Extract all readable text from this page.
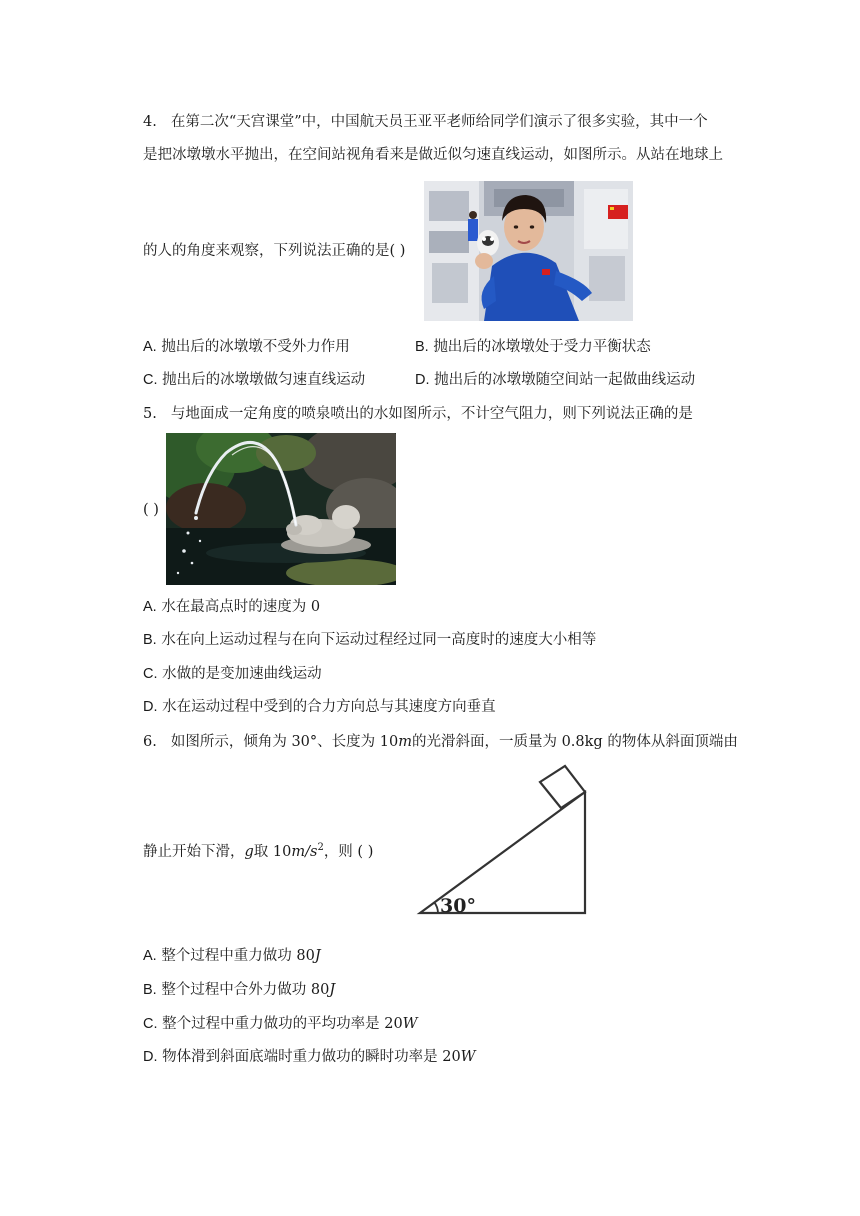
4. 在第二次“天宫课堂”中，中国航天员王亚平老师给同学们演示了很多实验，其中一个
是把冰墩墩水平抛出，在空间站视角看来是做近似匀速直线运动，如图所示。从站在地球上
的人的角度来观察，下列说法正确的是( )
A. 抛出后的冰墩墩不受外力作用	B. 抛出后的冰墩墩处于受力平衡状态
C. 抛出后的冰墩墩做匀速直线运动	D. 抛出后的冰墩墩随空间站一起做曲线运动
5. 与地面成一定角度的喷泉喷出的水如图所示，不计空气阻力，则下列说法正确的是
( )
A. 水在最高点时的速度为 0
B. 水在向上运动过程与在向下运动过程经过同一高度时的速度大小相等
C. 水做的是变加速曲线运动
D. 水在运动过程中受到的合力方向总与其速度方向垂直
6. 如图所示，倾角为 30°、长度为 10m的光滑斜面，一质量为 0.8kg 的物体从斜面顶端由
30°
静止开始下滑，g取 $10m/s^2$，则 ( )
A. 整个过程中重力做功 80J
B. 整个过程中合外力做功 80J
C. 整个过程中重力做功的平均功率是 20W
D. 物体滑到斜面底端时重力做功的瞬时功率是 20W
